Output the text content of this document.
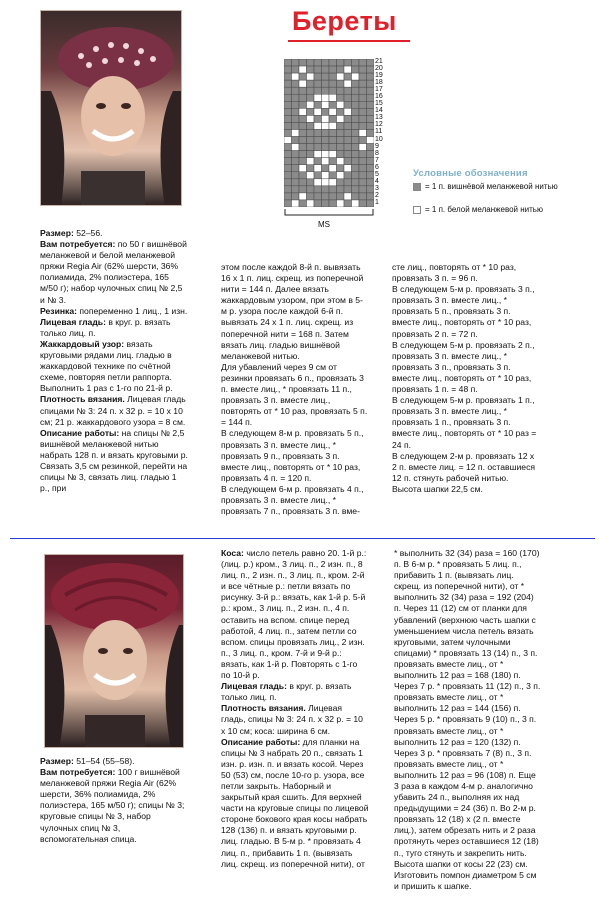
Береты
21
20
19
18
17
16
15
14
13
12
11
10
9
8
7
6
5
4
3
2
1
MS
Условные обозначения
= 1 п. вишнёвой меланжевой нитью
= 1 п. белой меланжевой нитью

Размер: 52–56.

Вам потребуется: по 50 г вишнёвой меланжевой и белой меланжевой пряжи Regia Air (62% шерсти, 36% полиамида, 2% полиэстера, 165 м/50 г); набор чулочных спиц № 2,5 и № 3.

Резинка: попеременно 1 лиц., 1 изн.

Лицевая гладь: в круг. р. вязать только лиц. п.

Жаккардовый узор: вязать круговыми рядами лиц. гладью в жаккардовой технике по счётной схеме, повторяя петли раппорта. Выполнить 1 раз с 1-го по 21-й р.

Плотность вязания. Лицевая гладь спицами № 3: 24 п. x 32 р. = 10 x 10 см; 21 р. жаккардового узора = 8 см.

Описание работы: на спицы № 2,5 вишнёвой меланжевой нитью набрать 128 п. и вязать круговыми р. Связать 3,5 см резинкой, перейти на спицы № 3, связать лиц. гладью 1 р., при

этом после каждой 8-й п. вывязать 16 x 1 п. лиц. скрещ. из поперечной нити = 144 п. Далее вязать жаккардовым узором, при этом в 5-м р. узора после каждой 6-й п. вывязать 24 x 1 п. лиц. скрещ. из поперечной нити = 168 п. Затем вязать лиц. гладью вишнёвой меланжевой нитью.
Для убавлений через 9 см от резинки провязать 6 п., провязать 3 п. вместе лиц., * провязать 11 п., провязать 3 п. вместе лиц., повторять от * 10 раз, провязать 5 п. = 144 п.
В следующем 8-м р. провязать 5 п., провязать 3 п. вместе лиц., * провязать 9 п., провязать 3 п. вместе лиц., повторять от * 10 раз, провязать 4 п. = 120 п.
В следующем 6-м р. провязать 4 п., провязать 3 п. вместе лиц., * провязать 7 п., провязать 3 п. вме-
сте лиц., повторять от * 10 раз, провязать 3 п. = 96 п.
В следующем 5-м р. провязать 3 п., провязать 3 п. вместе лиц., * провязать 5 п., провязать 3 п. вместе лиц., повторять от * 10 раз, провязать 2 п. = 72 п.
В следующем 5-м р. провязать 2 п., провязать 3 п. вместе лиц., * провязать 3 п., провязать 3 п. вместе лиц., повторять от * 10 раз, провязать 1 п. = 48 п.
В следующем 5-м р. провязать 1 п., провязать 3 п. вместе лиц., * провязать 1 п., провязать 3 п. вместе лиц., повторять от * 10 раз = 24 п.
В следующем 2-м р. провязать 12 x 2 п. вместе лиц. = 12 п. оставшиеся 12 п. стянуть рабочей нитью. Высота шапки 22,5 см.

Размер: 51–54 (55–58).

Вам потребуется: 100 г вишнёвой меланжевой пряжи Regia Air (62% шерсти, 36% полиамида, 2% полиэстера, 165 м/50 г); спицы № 3; круговые спицы № 3, набор чулочных спиц № 3, вспомогательная спица.

Коса: число петель равно 20. 1-й р.: (лиц. р.) кром., 3 лиц. п., 2 изн. п., 8 лиц. п., 2 изн. п., 3 лиц. п., кром. 2-й и все чётные р.: петли вязать по рисунку. 3-й р.: вязать, как 1-й р. 5-й р.: кром., 3 лиц. п., 2 изн. п., 4 п. оставить на вспом. спице перед работой, 4 лиц. п., затем петли со вспом. спицы провязать лиц., 2 изн. п., 3 лиц. п., кром. 7-й и 9-й р.: вязать, как 1-й р. Повторять с 1-го по 10-й р.

Лицевая гладь: в круг. р. вязать только лиц. п.

Плотность вязания. Лицевая гладь, спицы № 3: 24 п. x 32 р. = 10 x 10 см; коса: ширина 6 см.

Описание работы: для планки на спицы № 3 набрать 20 п., связать 1 изн. р. изн. п. и вязать косой. Через 50 (53) см, после 10-го р. узора, все петли закрыть. Наборный и закрытый края сшить. Для верхней части на круговые спицы по лицевой стороне бокового края косы набрать 128 (136) п. и вязать круговыми р. лиц. гладью. В 5-м р. * провязать 4 лиц. п., прибавить 1 п. (вывязать лиц. скрещ. из поперечной нити), от

* выполнить 32 (34) раза = 160 (170) п. В 6-м р. * провязать 5 лиц. п., прибавить 1 п. (вывязать лиц. скрещ. из поперечной нити), от * выполнить 32 (34) раза = 192 (204) п. Через 11 (12) см от планки для убавлений (верхнюю часть шапки с уменьшением числа петель вязать круговыми, затем чулочными спицами) * провязать 13 (14) п., 3 п. провязать вместе лиц., от * выполнить 12 раз = 168 (180) п. Через 7 р. * провязать 11 (12) п., 3 п. провязать вместе лиц., от * выполнить 12 раз = 144 (156) п. Через 5 р. * провязать 9 (10) п., 3 п. провязать вместе лиц., от * выполнить 12 раз = 120 (132) п. Через 3 р. * провязать 7 (8) п., 3 п. провязать вместе лиц., от * выполнить 12 раз = 96 (108) п. Еще 3 раза в каждом 4-м р. аналогично убавить 24 п., выполняя их над предыдущими = 24 (36) п. Во 2-м р. провязать 12 (18) x (2 п. вместе лиц.), затем обрезать нить и 2 раза протянуть через оставшиеся 12 (18) п., туго стянуть и закрепить нить. Высота шапки от косы 22 (23) см. Изготовить помпон диаметром 5 см и пришить к шапке.
